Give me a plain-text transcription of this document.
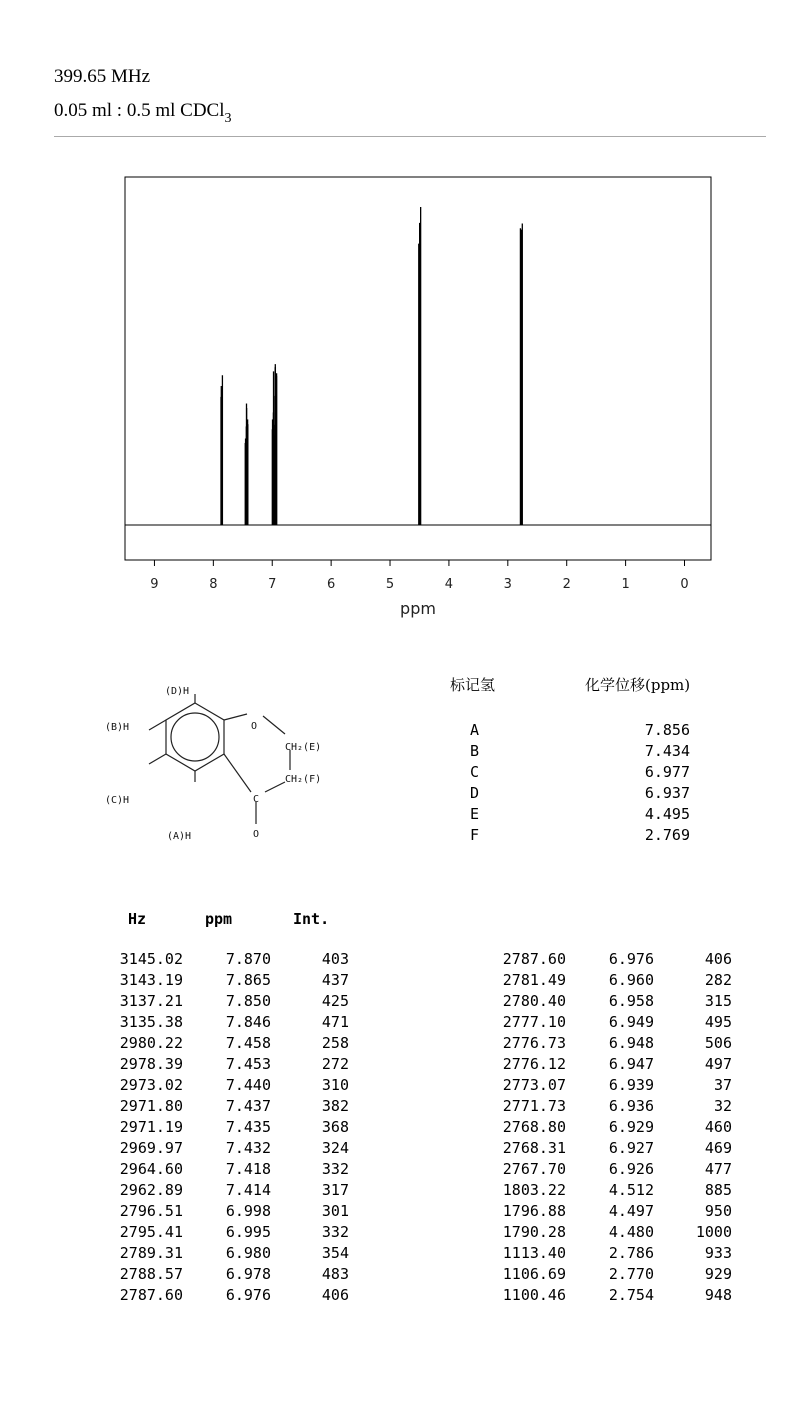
399.65 MHz
0.05 ml : 0.5 ml CDCl$_3$
9	8	7	6	5	4	3	2	1	0
ppm
(D)H
(B)H
(C)H
(A)H
O
CH₂(E)
CH₂(F)
C
O
标记氢	化学位移(ppm)
A	7.856
B	7.434
C	6.977
D	6.937
E	4.495
F	2.769
Hz	ppm	Int.
3145.02	7.870	403
3143.19	7.865	437
3137.21	7.850	425
3135.38	7.846	471
2980.22	7.458	258
2978.39	7.453	272
2973.02	7.440	310
2971.80	7.437	382
2971.19	7.435	368
2969.97	7.432	324
2964.60	7.418	332
2962.89	7.414	317
2796.51	6.998	301
2795.41	6.995	332
2789.31	6.980	354
2788.57	6.978	483
2787.60	6.976	406
2787.60	6.976	406
2781.49	6.960	282
2780.40	6.958	315
2777.10	6.949	495
2776.73	6.948	506
2776.12	6.947	497
2773.07	6.939	37
2771.73	6.936	32
2768.80	6.929	460
2768.31	6.927	469
2767.70	6.926	477
1803.22	4.512	885
1796.88	4.497	950
1790.28	4.480	1000
1113.40	2.786	933
1106.69	2.770	929
1100.46	2.754	948
